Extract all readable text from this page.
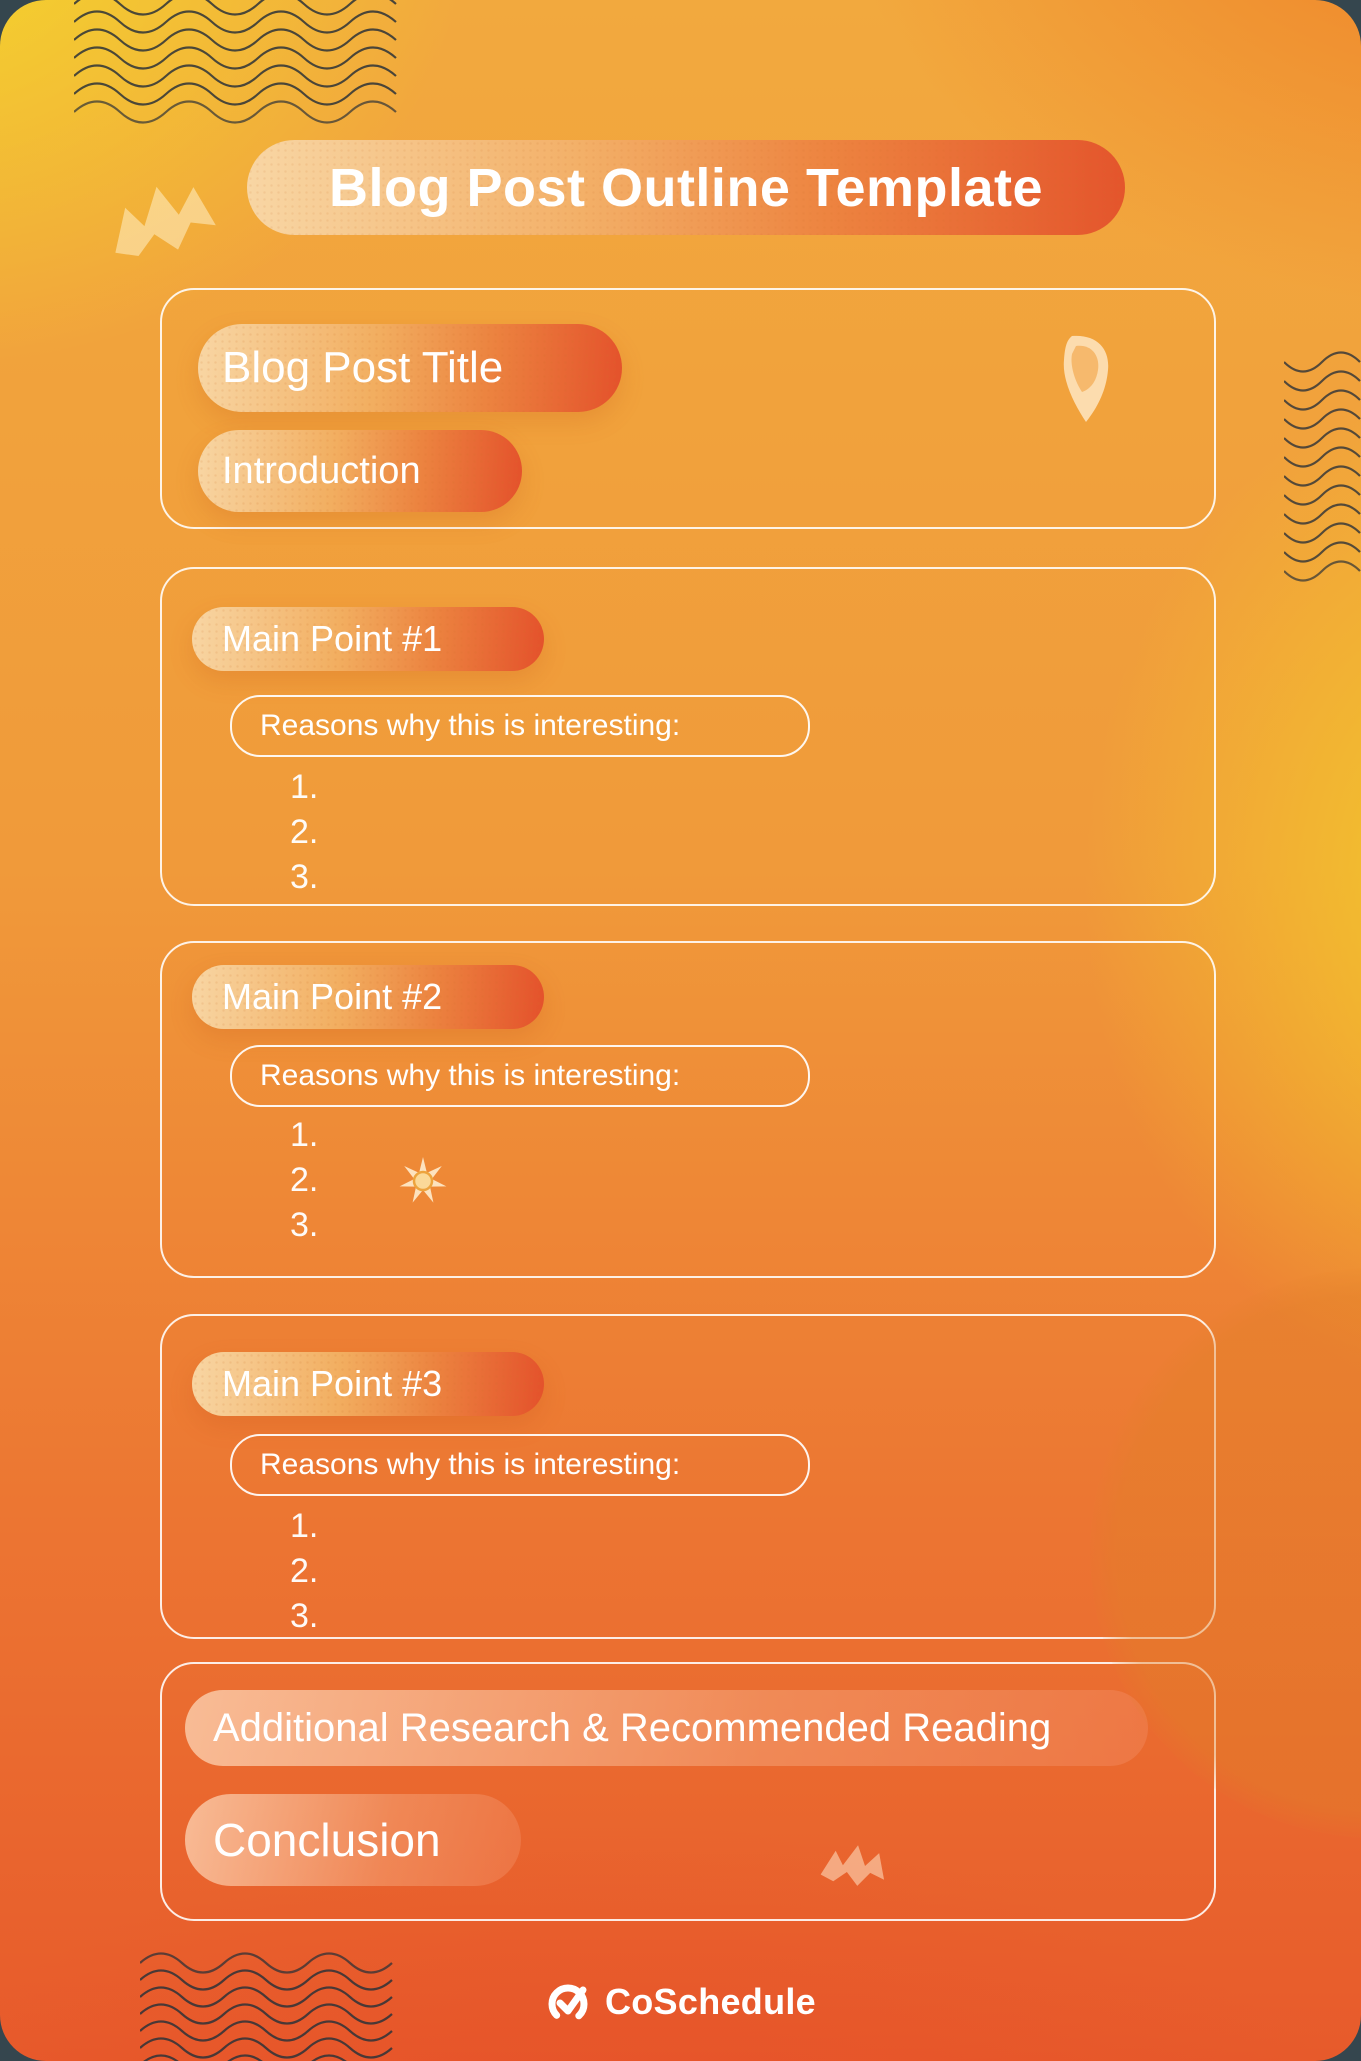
Blog Post Outline Template
Blog Post Title
Introduction
Main Point #1
Reasons why this is interesting:
1.
2.
3.
Main Point #2
Reasons why this is interesting:
1.
2.
3.
Main Point #3
Reasons why this is interesting:
1.
2.
3.
Additional Research & Recommended Reading
Conclusion
CoSchedule
